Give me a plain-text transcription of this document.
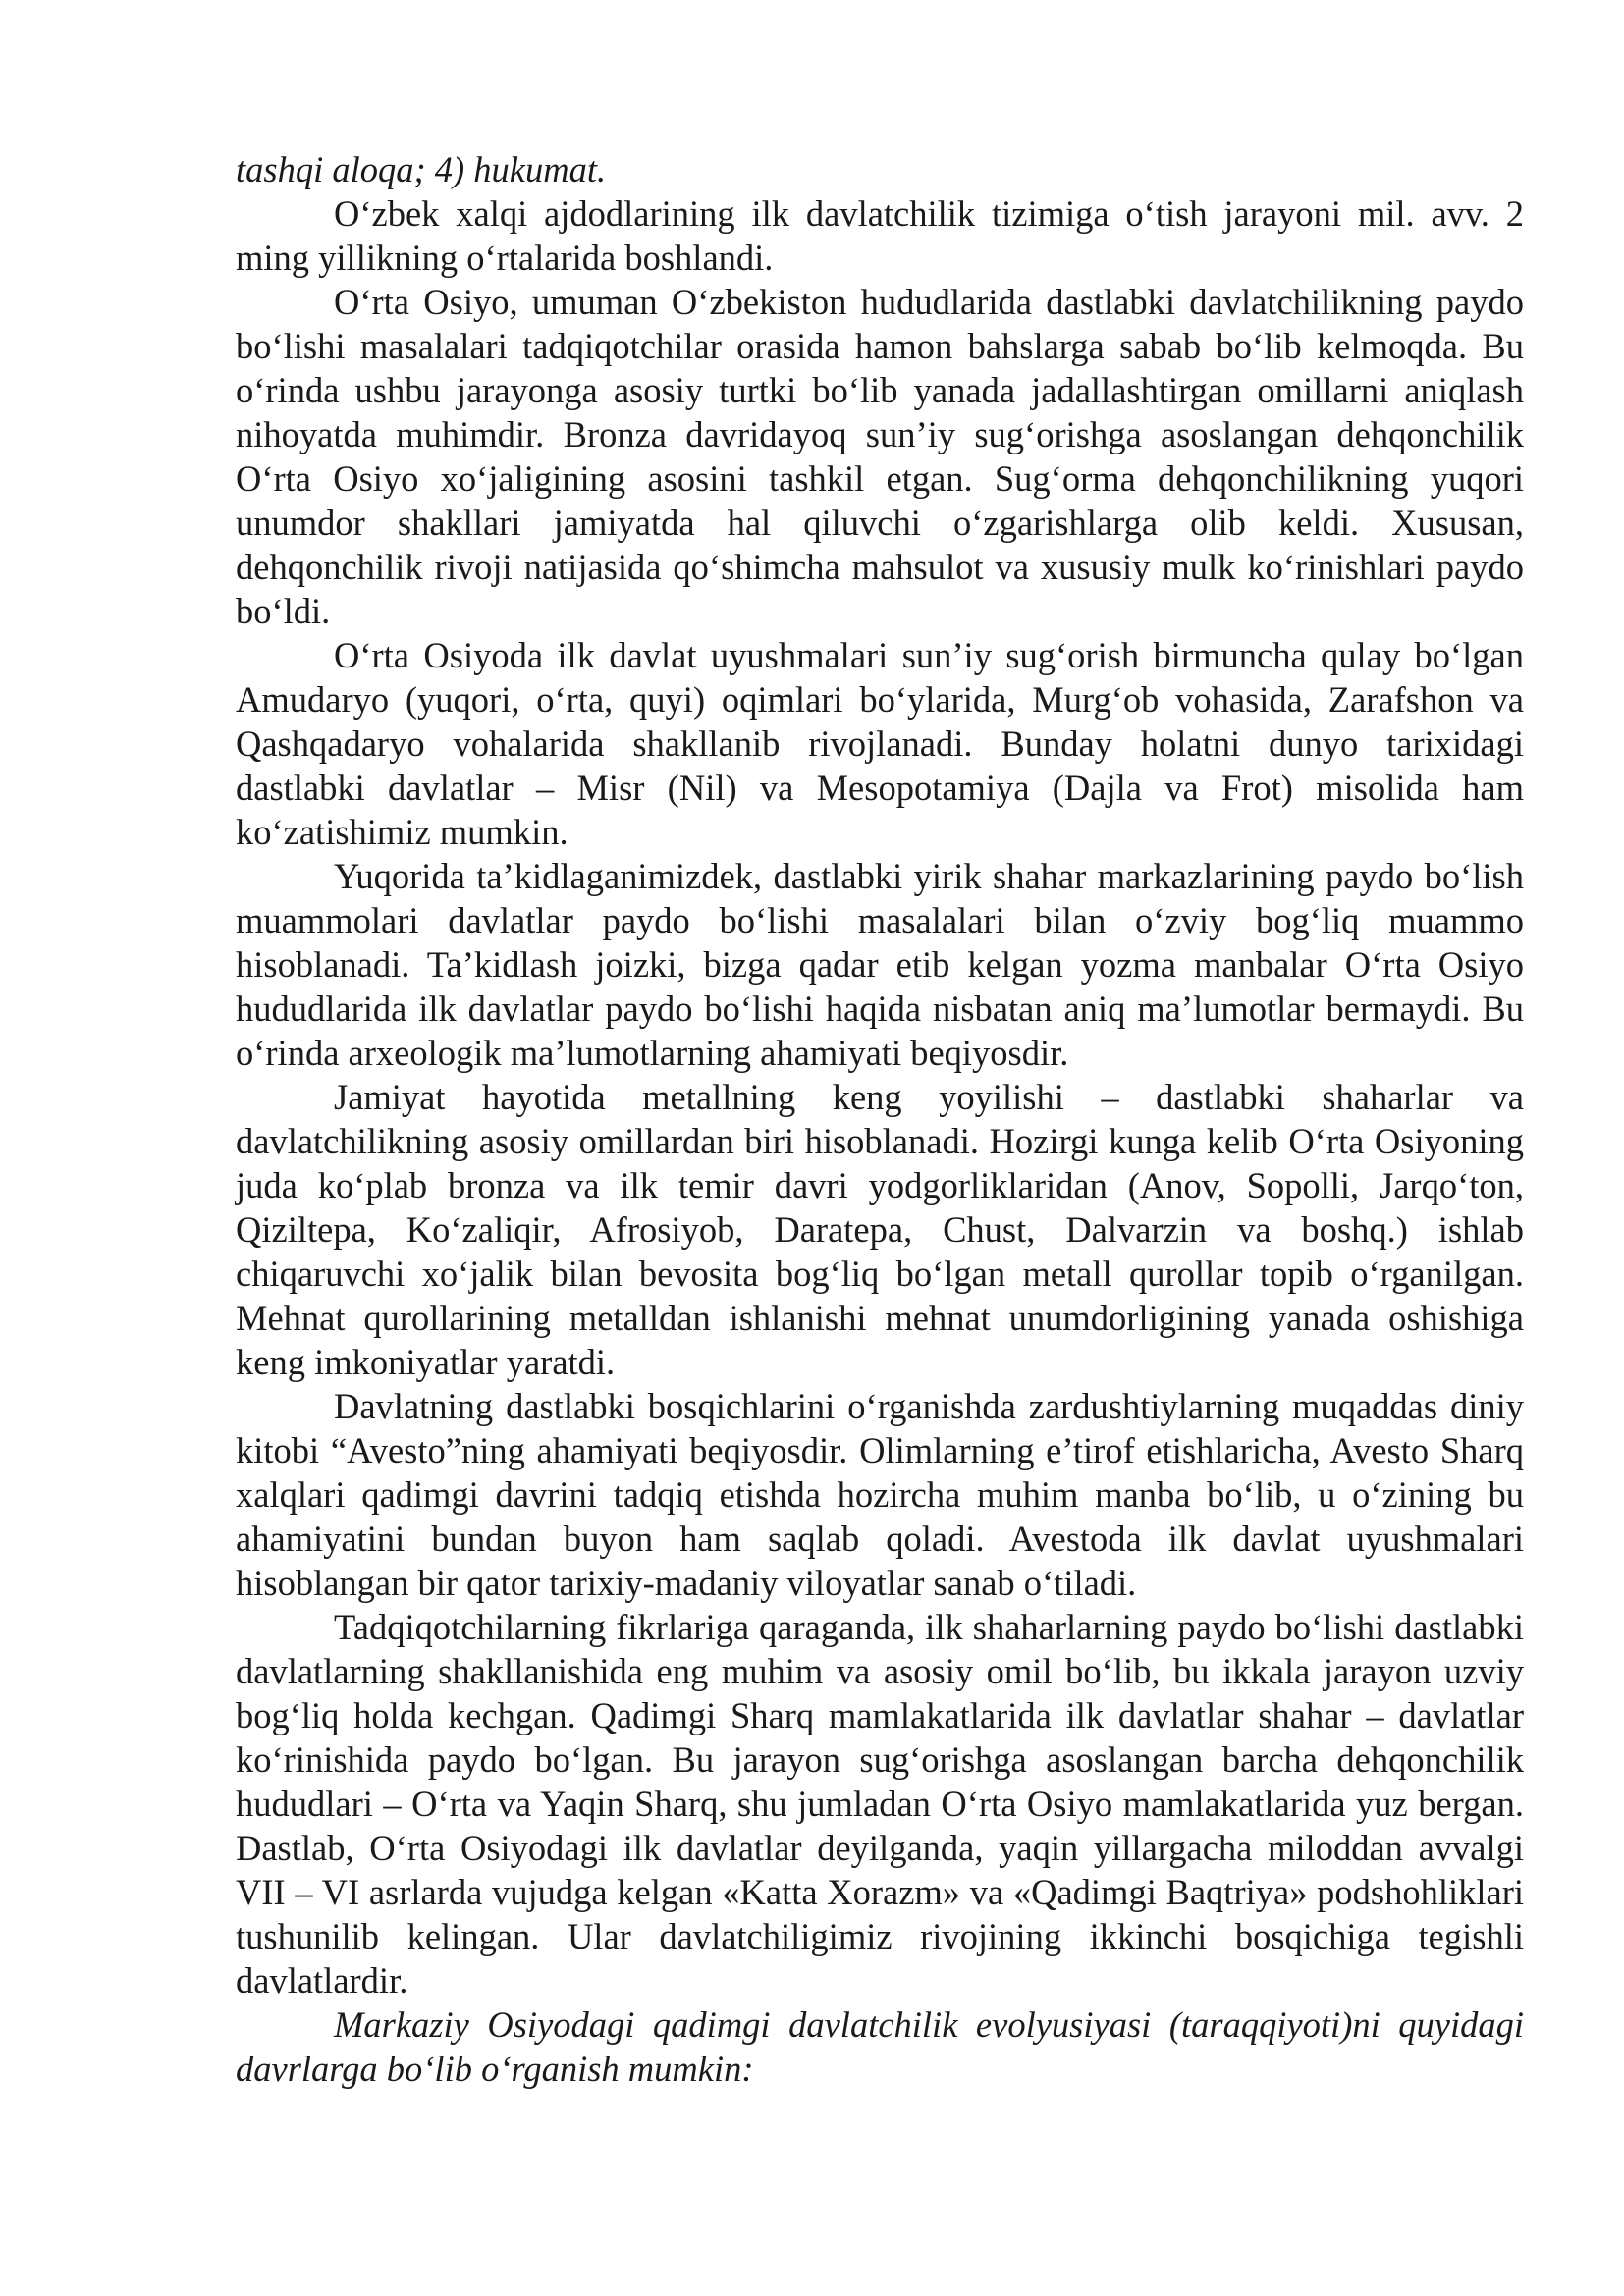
tashqi aloqa; 4) hukumat.

O‘zbek xalqi ajdodlarining ilk davlatchilik tizimiga o‘tish jarayoni mil. avv. 2 ming yillikning o‘rtalarida boshlandi.

O‘rta Osiyo, umuman O‘zbekiston hududlarida dastlabki davlatchilikning paydo bo‘lishi masalalari tadqiqotchilar orasida hamon bahslarga sabab bo‘lib kelmoqda. Bu o‘rinda ushbu jarayonga asosiy turtki bo‘lib yanada jadallashtirgan omillarni aniqlash nihoyatda muhimdir. Bronza davridayoq sun’iy sug‘orishga asoslangan dehqonchilik O‘rta Osiyo xo‘jaligining asosini tashkil etgan. Sug‘orma dehqonchilikning yuqori unumdor shakllari jamiyatda hal qiluvchi o‘zgarishlarga olib keldi. Xususan, dehqonchilik rivoji natijasida qo‘shimcha mahsulot va xususiy mulk ko‘rinishlari paydo bo‘ldi.

O‘rta Osiyoda ilk davlat uyushmalari sun’iy sug‘orish birmuncha qulay bo‘lgan Amudaryo (yuqori, o‘rta, quyi) oqimlari bo‘ylarida, Murg‘ob vohasida, Zarafshon va Qashqadaryo vohalarida shakllanib rivojlanadi. Bunday holatni dunyo tarixidagi dastlabki davlatlar – Misr (Nil) va Mesopotamiya (Dajla va Frot) misolida ham ko‘zatishimiz mumkin.

Yuqorida ta’kidlaganimizdek, dastlabki yirik shahar markazlarining paydo bo‘lish muammolari davlatlar paydo bo‘lishi masalalari bilan o‘zviy bog‘liq muammo hisoblanadi. Ta’kidlash joizki, bizga qadar etib kelgan yozma manbalar O‘rta Osiyo hududlarida ilk davlatlar paydo bo‘lishi haqida nisbatan aniq ma’lumotlar bermaydi. Bu o‘rinda arxeologik ma’lumotlarning ahamiyati beqiyosdir.

Jamiyat hayotida metallning keng yoyilishi – dastlabki shaharlar va davlatchilikning asosiy omillardan biri hisoblanadi. Hozirgi kunga kelib O‘rta Osiyoning juda ko‘plab bronza va ilk temir davri yodgorliklaridan (Anov, Sopolli, Jarqo‘ton, Qiziltepa, Ko‘zaliqir, Afrosiyob, Daratepa, Chust, Dalvarzin va boshq.) ishlab chiqaruvchi xo‘jalik bilan bevosita bog‘liq bo‘lgan metall qurollar topib o‘rganilgan. Mehnat qurollarining metalldan ishlanishi mehnat unumdorligining yanada oshishiga keng imkoniyatlar yaratdi.

Davlatning dastlabki bosqichlarini o‘rganishda zardushtiylarning muqaddas diniy kitobi “Avesto”ning ahamiyati beqiyosdir. Olimlarning e’tirof etishlaricha, Avesto Sharq xalqlari qadimgi davrini tadqiq etishda hozircha muhim manba bo‘lib, u o‘zining bu ahamiyatini bundan buyon ham saqlab qoladi. Avestoda ilk davlat uyushmalari hisoblangan bir qator tarixiy-madaniy viloyatlar sanab o‘tiladi.

Tadqiqotchilarning fikrlariga qaraganda, ilk shaharlarning paydo bo‘lishi dastlabki davlatlarning shakllanishida eng muhim va asosiy omil bo‘lib, bu ikkala jarayon uzviy bog‘liq holda kechgan. Qadimgi Sharq mamlakatlarida ilk davlatlar shahar – davlatlar ko‘rinishida paydo bo‘lgan. Bu jarayon sug‘orishga asoslangan barcha dehqonchilik hududlari – O‘rta va Yaqin Sharq, shu jumladan O‘rta Osiyo mamlakatlarida yuz bergan. Dastlab, O‘rta Osiyodagi ilk davlatlar deyilganda, yaqin yillargacha miloddan avvalgi VII – VI asrlarda vujudga kelgan «Katta Xorazm» va «Qadimgi Baqtriya» podshohliklari tushunilib kelingan. Ular davlatchiligimiz rivojining ikkinchi bosqichiga tegishli davlatlardir.

Markaziy Osiyodagi qadimgi davlatchilik evolyusiyasi (taraqqiyoti)ni quyidagi davrlarga bo‘lib o‘rganish mumkin:
